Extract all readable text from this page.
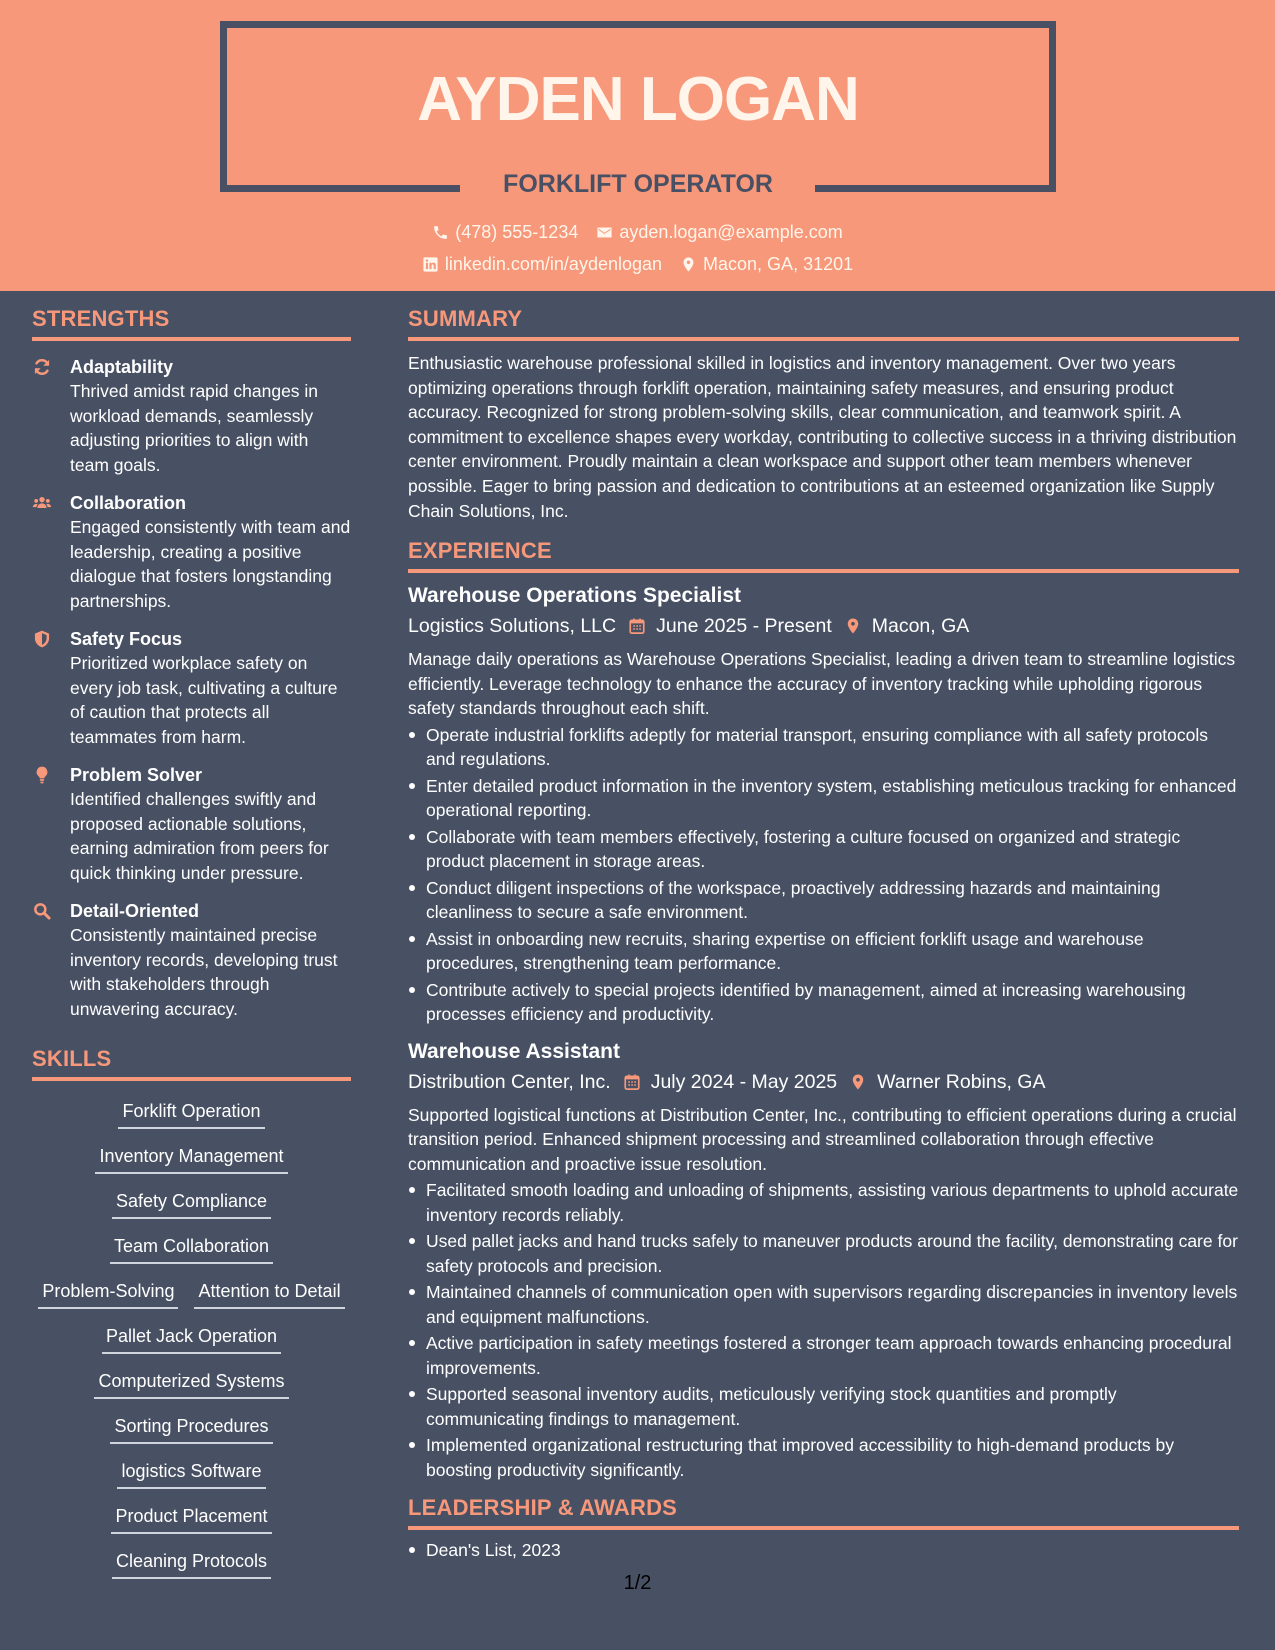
AYDEN LOGAN
FORKLIFT OPERATOR
(478) 555-1234 ayden.logan@example.com
linkedin.com/in/aydenlogan Macon, GA, 31201
STRENGTHS
Adaptability
Thrived amidst rapid changes in workload demands, seamlessly adjusting priorities to align with team goals.
Collaboration
Engaged consistently with team and leadership, creating a positive dialogue that fosters longstanding partnerships.
Safety Focus
Prioritized workplace safety on every job task, cultivating a culture of caution that protects all teammates from harm.
Problem Solver
Identified challenges swiftly and proposed actionable solutions, earning admiration from peers for quick thinking under pressure.
Detail-Oriented
Consistently maintained precise inventory records, developing trust with stakeholders through unwavering accuracy.
SKILLS
Forklift Operation
Inventory Management
Safety Compliance
Team Collaboration
Problem-Solving Attention to Detail
Pallet Jack Operation
Computerized Systems
Sorting Procedures
logistics Software
Product Placement
Cleaning Protocols
SUMMARY
Enthusiastic warehouse professional skilled in logistics and inventory management. Over two years optimizing operations through forklift operation, maintaining safety measures, and ensuring product accuracy. Recognized for strong problem-solving skills, clear communication, and teamwork spirit. A commitment to excellence shapes every workday, contributing to collective success in a thriving distribution center environment. Proudly maintain a clean workspace and support other team members whenever possible. Eager to bring passion and dedication to contributions at an esteemed organization like Supply Chain Solutions, Inc.
EXPERIENCE
Warehouse Operations Specialist
Logistics Solutions, LLC June 2025 - Present Macon, GA
Manage daily operations as Warehouse Operations Specialist, leading a driven team to streamline logistics efficiently. Leverage technology to enhance the accuracy of inventory tracking while upholding rigorous safety standards throughout each shift.
Operate industrial forklifts adeptly for material transport, ensuring compliance with all safety protocols and regulations.
Enter detailed product information in the inventory system, establishing meticulous tracking for enhanced operational reporting.
Collaborate with team members effectively, fostering a culture focused on organized and strategic product placement in storage areas.
Conduct diligent inspections of the workspace, proactively addressing hazards and maintaining cleanliness to secure a safe environment.
Assist in onboarding new recruits, sharing expertise on efficient forklift usage and warehouse procedures, strengthening team performance.
Contribute actively to special projects identified by management, aimed at increasing warehousing processes efficiency and productivity.
Warehouse Assistant
Distribution Center, Inc. July 2024 - May 2025 Warner Robins, GA
Supported logistical functions at Distribution Center, Inc., contributing to efficient operations during a crucial transition period. Enhanced shipment processing and streamlined collaboration through effective communication and proactive issue resolution.
Facilitated smooth loading and unloading of shipments, assisting various departments to uphold accurate inventory records reliably.
Used pallet jacks and hand trucks safely to maneuver products around the facility, demonstrating care for safety protocols and precision.
Maintained channels of communication open with supervisors regarding discrepancies in inventory levels and equipment malfunctions.
Active participation in safety meetings fostered a stronger team approach towards enhancing procedural improvements.
Supported seasonal inventory audits, meticulously verifying stock quantities and promptly communicating findings to management.
Implemented organizational restructuring that improved accessibility to high-demand products by boosting productivity significantly.
LEADERSHIP & AWARDS
Dean's List, 2023
1/2
